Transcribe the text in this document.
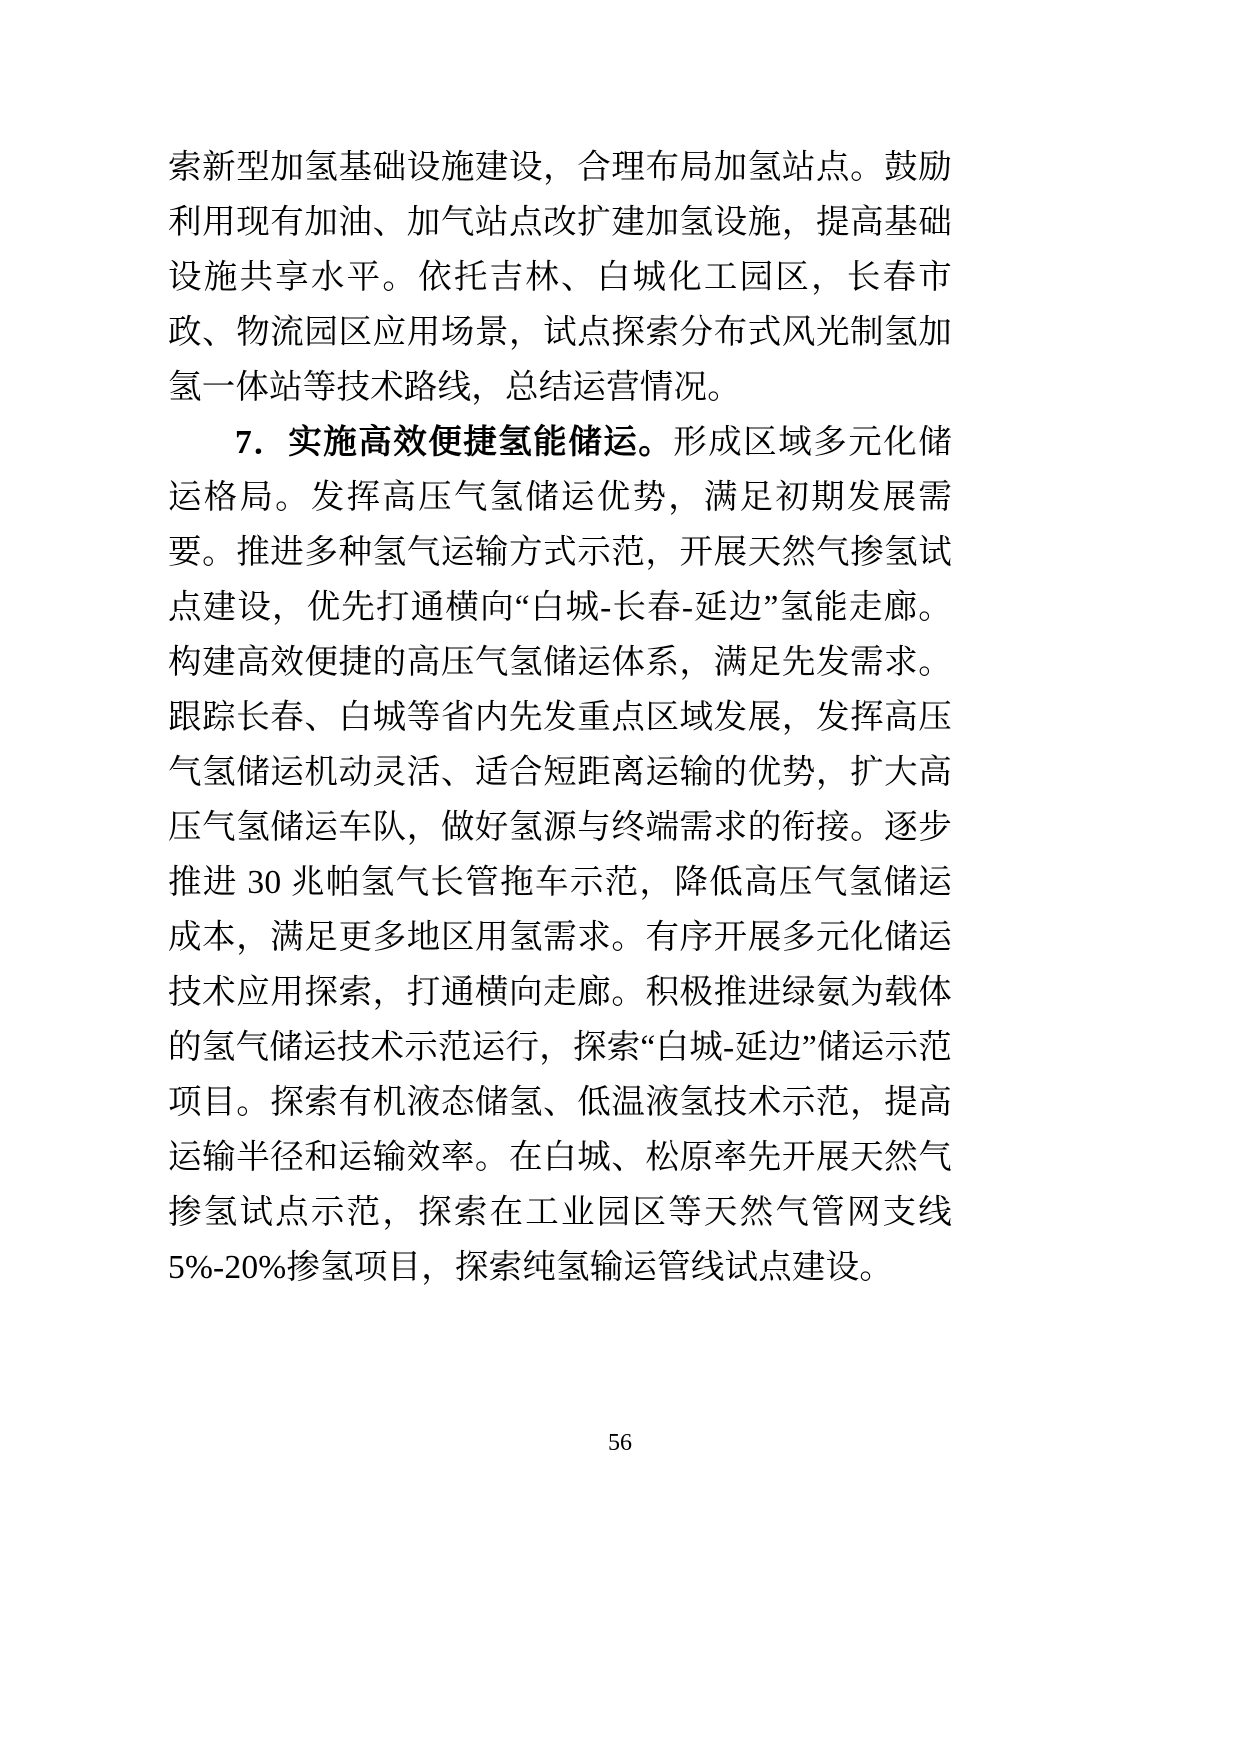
索新型加氢基础设施建设，合理布局加氢站点。鼓励利用现有加油、加气站点改扩建加氢设施，提高基础设施共享水平。依托吉林、白城化工园区，长春市政、物流园区应用场景，试点探索分布式风光制氢加氢一体站等技术路线，总结运营情况。

7．实施高效便捷氢能储运。形成区域多元化储运格局。发挥高压气氢储运优势，满足初期发展需要。推进多种氢气运输方式示范，开展天然气掺氢试点建设，优先打通横向“白城-长春-延边”氢能走廊。构建高效便捷的高压气氢储运体系，满足先发需求。跟踪长春、白城等省内先发重点区域发展，发挥高压气氢储运机动灵活、适合短距离运输的优势，扩大高压气氢储运车队，做好氢源与终端需求的衔接。逐步推进 30 兆帕氢气长管拖车示范，降低高压气氢储运成本，满足更多地区用氢需求。有序开展多元化储运技术应用探索，打通横向走廊。积极推进绿氨为载体的氢气储运技术示范运行，探索“白城-延边”储运示范项目。探索有机液态储氢、低温液氢技术示范，提高运输半径和运输效率。在白城、松原率先开展天然气掺氢试点示范，探索在工业园区等天然气管网支线 5%-20%掺氢项目，探索纯氢输运管线试点建设。

56
